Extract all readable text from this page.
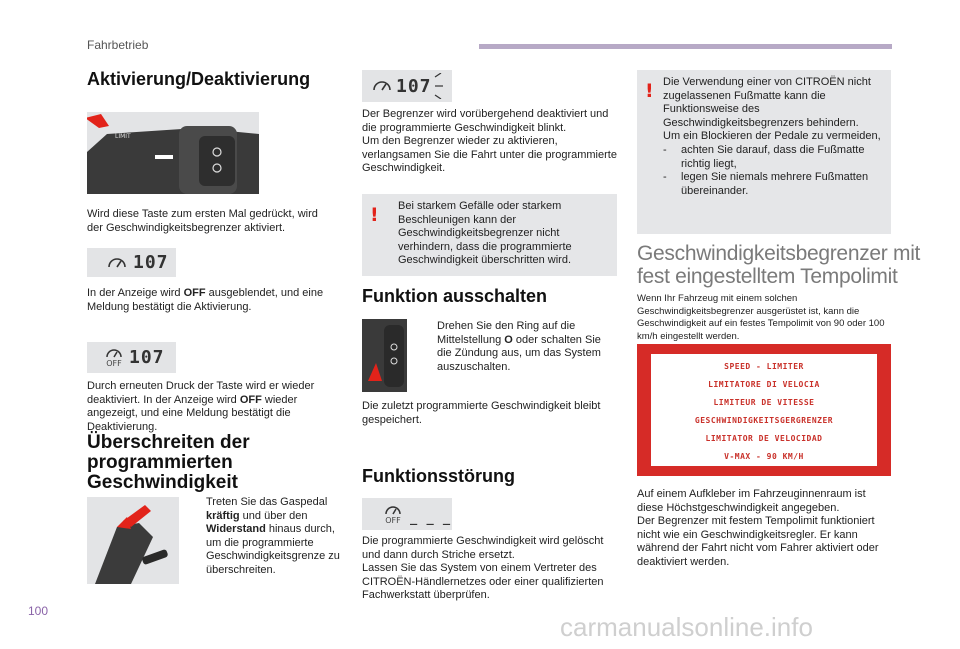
Fahrbetrieb
100
Aktivierung/Deaktivierung
LIMIT
Wird diese Taste zum ersten Mal gedrückt, wird der Geschwindigkeitsbegrenzer aktiviert.
107
In der Anzeige wird OFF ausgeblendet, und eine Meldung bestätigt die Aktivierung.
OFF 107
Durch erneuten Druck der Taste wird er wieder deaktiviert. In der Anzeige wird OFF wieder angezeigt, und eine Meldung bestätigt die Deaktivierung.
Überschreiten der
programmierten
Geschwindigkeit
Treten Sie das Gaspedal kräftig und über den Widerstand hinaus durch, um die programmierte Geschwindigkeitsgrenze zu überschreiten.
107
Der Begrenzer wird vorübergehend deaktiviert und die programmierte Geschwindigkeit blinkt.
Um den Begrenzer wieder zu aktivieren, verlangsamen Sie die Fahrt unter die programmierte Geschwindigkeit.
! Bei starkem Gefälle oder starkem Beschleunigen kann der Geschwindigkeitsbegrenzer nicht verhindern, dass die programmierte Geschwindigkeit überschritten wird.
Funktion ausschalten
Drehen Sie den Ring auf die Mittelstellung O oder schalten Sie die Zündung aus, um das System auszuschalten.
Die zuletzt programmierte Geschwindigkeit bleibt gespeichert.
Funktionsstörung
OFF _ _ _
Die programmierte Geschwindigkeit wird gelöscht und dann durch Striche ersetzt.
Lassen Sie das System von einem Vertreter des CITROËN-Händlernetzes oder einer qualifizierten Fachwerkstatt überprüfen.
! Die Verwendung einer von CITROËN nicht zugelassenen Fußmatte kann die Funktionsweise des Geschwindigkeitsbegrenzers behindern.
Um ein Blockieren der Pedale zu vermeiden,
- achten Sie darauf, dass die Fußmatte richtig liegt,
- legen Sie niemals mehrere Fußmatten übereinander.
Geschwindigkeitsbegrenzer mit
fest eingestelltem Tempolimit
Wenn Ihr Fahrzeug mit einem solchen Geschwindigkeitsbegrenzer ausgerüstet ist, kann die Geschwindigkeit auf ein festes Tempolimit von 90 oder 100 km/h eingestellt werden.
SPEED - LIMITER
LIMITATORE DI VELOCIA
LIMITEUR DE VITESSE
GESCHWINDIGKEITSGERGRENZER
LIMITATOR DE VELOCIDAD
V-MAX - 90 KM/H
Auf einem Aufkleber im Fahrzeuginnenraum ist diese Höchstgeschwindigkeit angegeben.
Der Begrenzer mit festem Tempolimit funktioniert nicht wie ein Geschwindigkeitsregler. Er kann während der Fahrt nicht vom Fahrer aktiviert oder deaktiviert werden.
carmanualsonline.info
